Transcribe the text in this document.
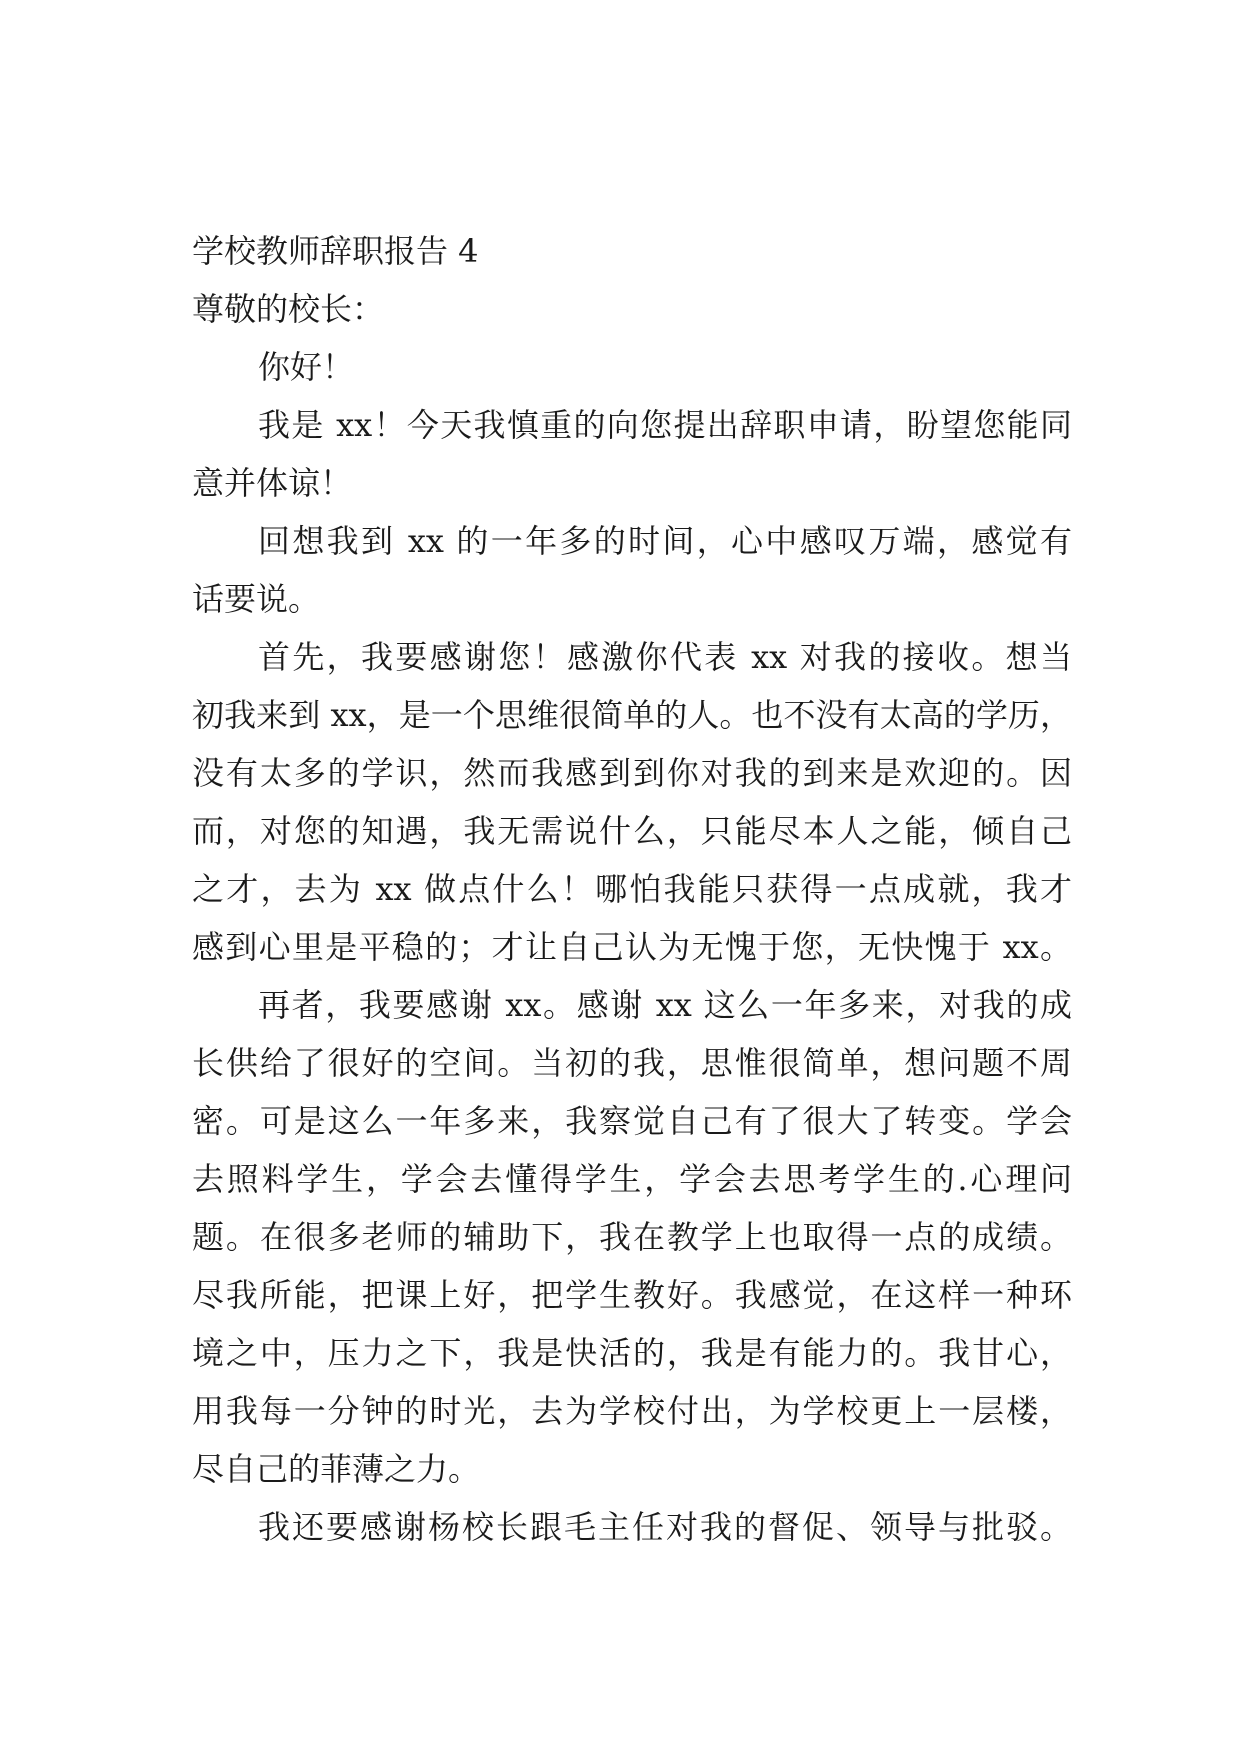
学校教师辞职报告 4
尊敬的校长：
你好！
我是 xx！今天我慎重的向您提出辞职申请，盼望您能同
意并体谅！
回想我到 xx 的一年多的时间，心中感叹万端，感觉有
话要说。
首先，我要感谢您！感激你代表 xx 对我的接收。想当
初我来到 xx，是一个思维很简单的人。也不没有太高的学历，
没有太多的学识，然而我感到到你对我的到来是欢迎的。因
而，对您的知遇，我无需说什么，只能尽本人之能，倾自己
之才，去为 xx 做点什么！哪怕我能只获得一点成就，我才
感到心里是平稳的；才让自己认为无愧于您，无快愧于 xx。
再者，我要感谢 xx。感谢 xx 这么一年多来，对我的成
长供给了很好的空间。当初的我，思惟很简单，想问题不周
密。可是这么一年多来，我察觉自己有了很大了转变。学会
去照料学生，学会去懂得学生，学会去思考学生的.心理问
题。在很多老师的辅助下，我在教学上也取得一点的成绩。
尽我所能，把课上好，把学生教好。我感觉，在这样一种环
境之中，压力之下，我是快活的，我是有能力的。我甘心，
用我每一分钟的时光，去为学校付出，为学校更上一层楼，
尽自己的菲薄之力。
我还要感谢杨校长跟毛主任对我的督促、领导与批驳。
